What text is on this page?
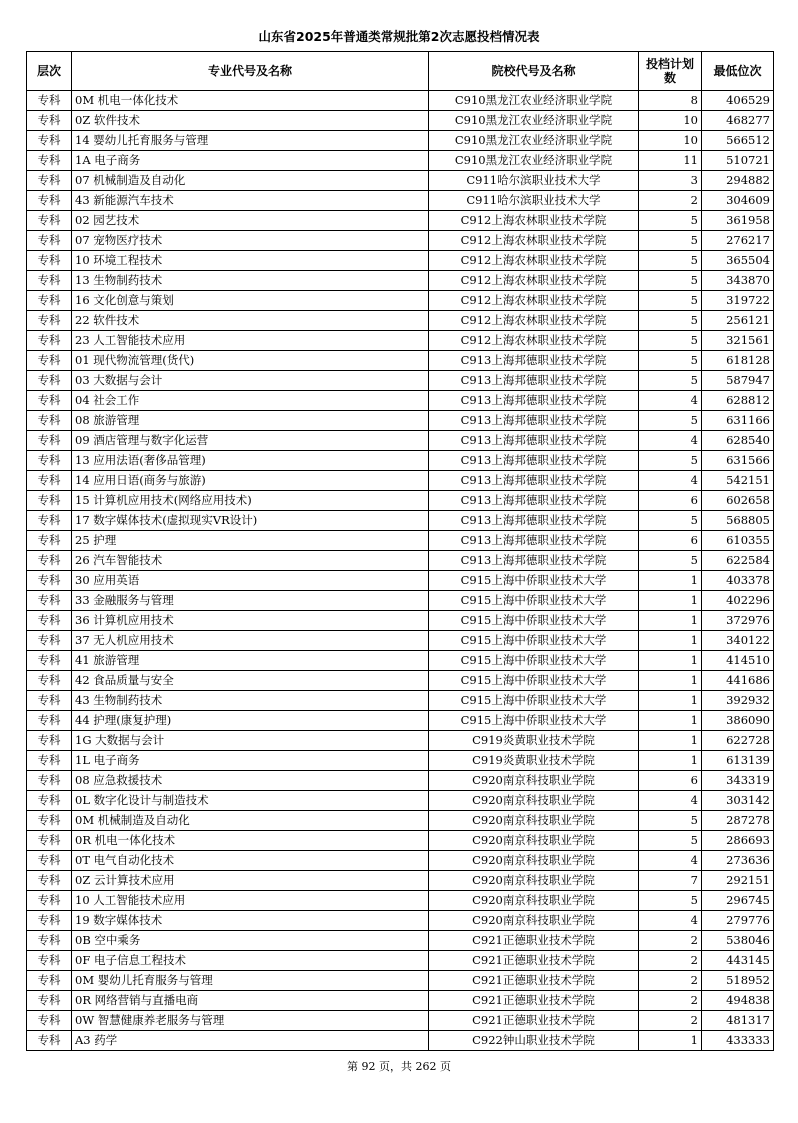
山东省2025年普通类常规批第2次志愿投档情况表
层次	专业代号及名称	院校代号及名称	投档计划数	最低位次
专科	0M 机电一体化技术	C910黑龙江农业经济职业学院	8	406529
专科	0Z 软件技术	C910黑龙江农业经济职业学院	10	468277
专科	14 婴幼儿托育服务与管理	C910黑龙江农业经济职业学院	10	566512
专科	1A 电子商务	C910黑龙江农业经济职业学院	11	510721
专科	07 机械制造及自动化	C911哈尔滨职业技术大学	3	294882
专科	43 新能源汽车技术	C911哈尔滨职业技术大学	2	304609
专科	02 园艺技术	C912上海农林职业技术学院	5	361958
专科	07 宠物医疗技术	C912上海农林职业技术学院	5	276217
专科	10 环境工程技术	C912上海农林职业技术学院	5	365504
专科	13 生物制药技术	C912上海农林职业技术学院	5	343870
专科	16 文化创意与策划	C912上海农林职业技术学院	5	319722
专科	22 软件技术	C912上海农林职业技术学院	5	256121
专科	23 人工智能技术应用	C912上海农林职业技术学院	5	321561
专科	01 现代物流管理(货代)	C913上海邦德职业技术学院	5	618128
专科	03 大数据与会计	C913上海邦德职业技术学院	5	587947
专科	04 社会工作	C913上海邦德职业技术学院	4	628812
专科	08 旅游管理	C913上海邦德职业技术学院	5	631166
专科	09 酒店管理与数字化运营	C913上海邦德职业技术学院	4	628540
专科	13 应用法语(奢侈品管理)	C913上海邦德职业技术学院	5	631566
专科	14 应用日语(商务与旅游)	C913上海邦德职业技术学院	4	542151
专科	15 计算机应用技术(网络应用技术)	C913上海邦德职业技术学院	6	602658
专科	17 数字媒体技术(虚拟现实VR设计)	C913上海邦德职业技术学院	5	568805
专科	25 护理	C913上海邦德职业技术学院	6	610355
专科	26 汽车智能技术	C913上海邦德职业技术学院	5	622584
专科	30 应用英语	C915上海中侨职业技术大学	1	403378
专科	33 金融服务与管理	C915上海中侨职业技术大学	1	402296
专科	36 计算机应用技术	C915上海中侨职业技术大学	1	372976
专科	37 无人机应用技术	C915上海中侨职业技术大学	1	340122
专科	41 旅游管理	C915上海中侨职业技术大学	1	414510
专科	42 食品质量与安全	C915上海中侨职业技术大学	1	441686
专科	43 生物制药技术	C915上海中侨职业技术大学	1	392932
专科	44 护理(康复护理)	C915上海中侨职业技术大学	1	386090
专科	1G 大数据与会计	C919炎黄职业技术学院	1	622728
专科	1L 电子商务	C919炎黄职业技术学院	1	613139
专科	08 应急救援技术	C920南京科技职业学院	6	343319
专科	0L 数字化设计与制造技术	C920南京科技职业学院	4	303142
专科	0M 机械制造及自动化	C920南京科技职业学院	5	287278
专科	0R 机电一体化技术	C920南京科技职业学院	5	286693
专科	0T 电气自动化技术	C920南京科技职业学院	4	273636
专科	0Z 云计算技术应用	C920南京科技职业学院	7	292151
专科	10 人工智能技术应用	C920南京科技职业学院	5	296745
专科	19 数字媒体技术	C920南京科技职业学院	4	279776
专科	0B 空中乘务	C921正德职业技术学院	2	538046
专科	0F 电子信息工程技术	C921正德职业技术学院	2	443145
专科	0M 婴幼儿托育服务与管理	C921正德职业技术学院	2	518952
专科	0R 网络营销与直播电商	C921正德职业技术学院	2	494838
专科	0W 智慧健康养老服务与管理	C921正德职业技术学院	2	481317
专科	A3 药学	C922钟山职业技术学院	1	433333
第 92 页，共 262 页
